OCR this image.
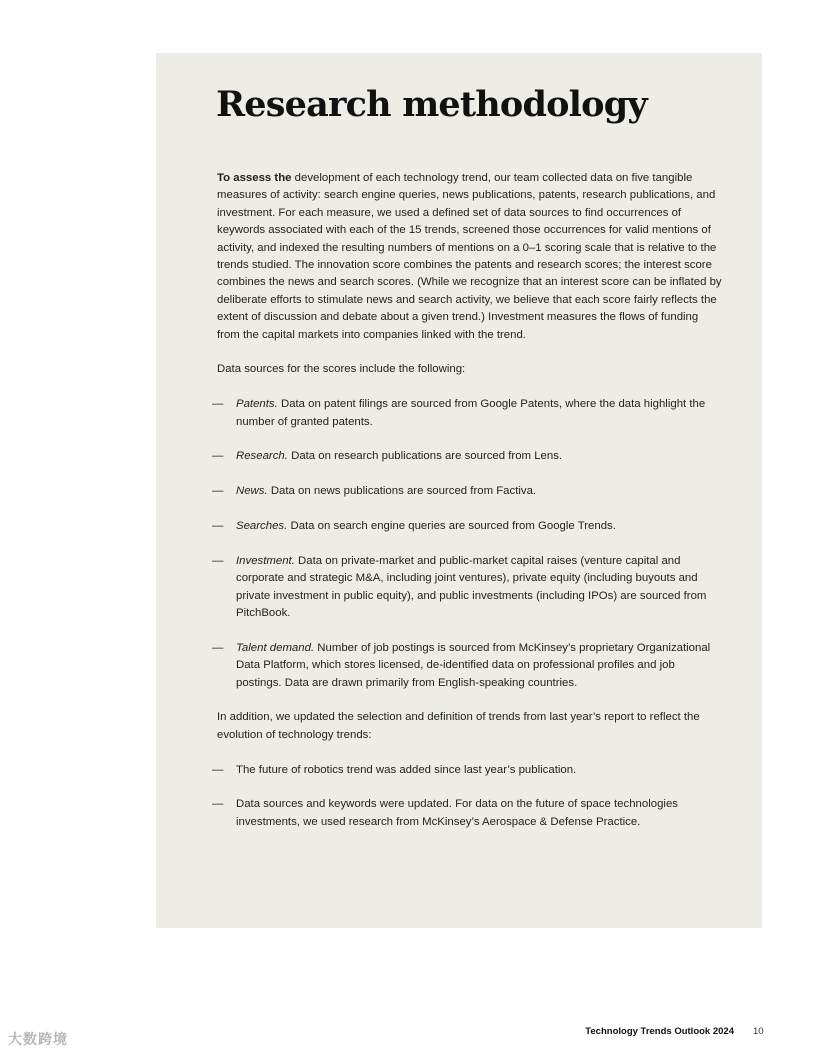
Research methodology

To assess the development of each technology trend, our team collected data on five tangible measures of activity: search engine queries, news publications, patents, research publications, and investment. For each measure, we used a defined set of data sources to find occurrences of keywords associated with each of the 15 trends, screened those occurrences for valid mentions of activity, and indexed the resulting numbers of mentions on a 0–1 scoring scale that is relative to the trends studied. The innovation score combines the patents and research scores; the interest score combines the news and search scores. (While we recognize that an interest score can be inflated by deliberate efforts to stimulate news and search activity, we believe that each score fairly reflects the extent of discussion and debate about a given trend.) Investment measures the flows of funding from the capital markets into companies linked with the trend.

Data sources for the scores include the following:

— Patents. Data on patent filings are sourced from Google Patents, where the data highlight the number of granted patents.
— Research. Data on research publications are sourced from Lens.
— News. Data on news publications are sourced from Factiva.
— Searches. Data on search engine queries are sourced from Google Trends.
— Investment. Data on private-market and public-market capital raises (venture capital and corporate and strategic M&A, including joint ventures), private equity (including buyouts and private investment in public equity), and public investments (including IPOs) are sourced from PitchBook.
— Talent demand. Number of job postings is sourced from McKinsey’s proprietary Organizational Data Platform, which stores licensed, de-identified data on professional profiles and job postings. Data are drawn primarily from English-speaking countries.

In addition, we updated the selection and definition of trends from last year’s report to reflect the evolution of technology trends:

— The future of robotics trend was added since last year’s publication.
— Data sources and keywords were updated. For data on the future of space technologies investments, we used research from McKinsey’s Aerospace & Defense Practice.
大数跨境	Technology Trends Outlook 2024 10
